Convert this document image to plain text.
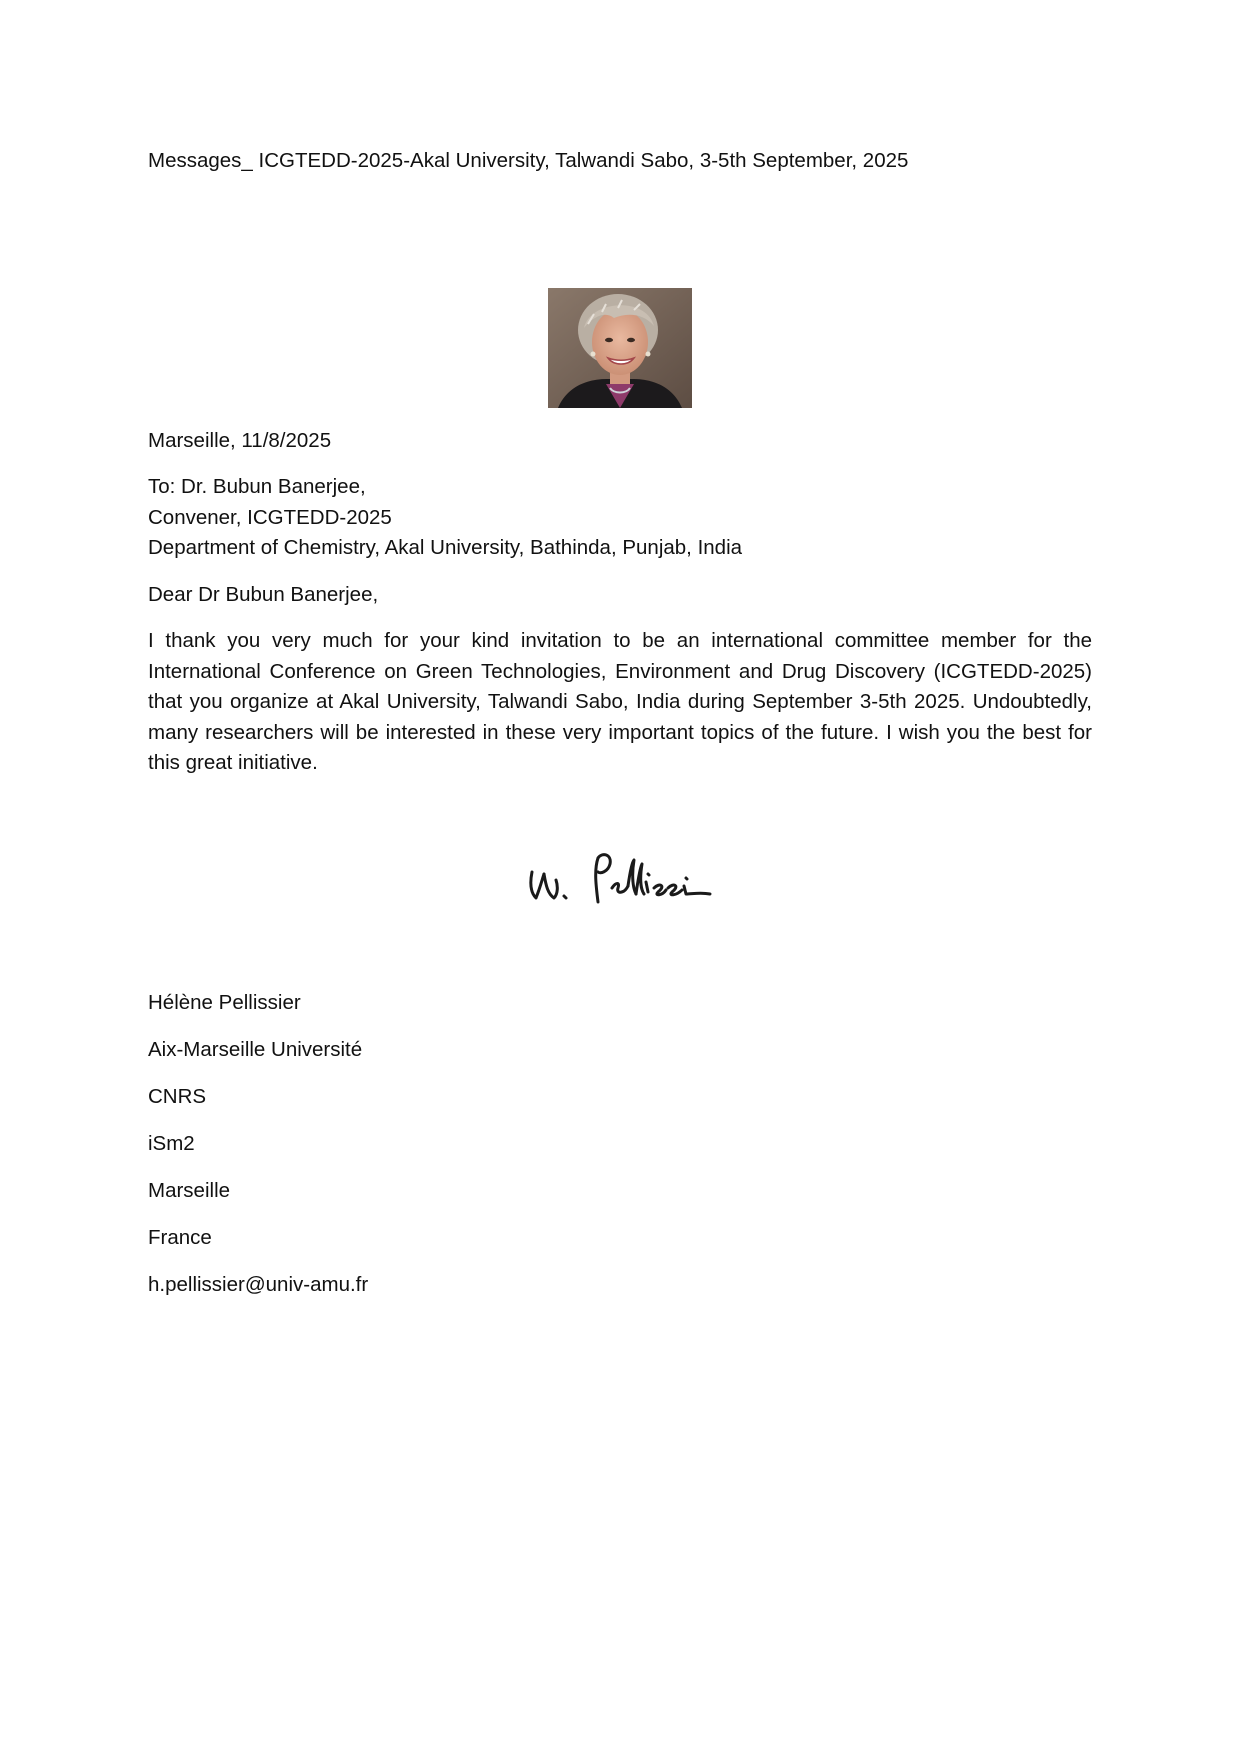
Messages_ ICGTEDD-2025-Akal University, Talwandi Sabo, 3-5th September, 2025

Marseille, 11/8/2025

To: Dr. Bubun Banerjee,
Convener, ICGTEDD-2025
Department of Chemistry, Akal University, Bathinda, Punjab, India

Dear Dr Bubun Banerjee,

I thank you very much for your kind invitation to be an international committee member for the International Conference on Green Technologies, Environment and Drug Discovery (ICGTEDD-2025) that you organize at Akal University, Talwandi Sabo, India during September 3-5th 2025. Undoubtedly, many researchers will be interested in these very important topics of the future. I wish you the best for this great initiative.

Hélène Pellissier
Aix-Marseille Université
CNRS
iSm2
Marseille
France
h.pellissier@univ-amu.fr
